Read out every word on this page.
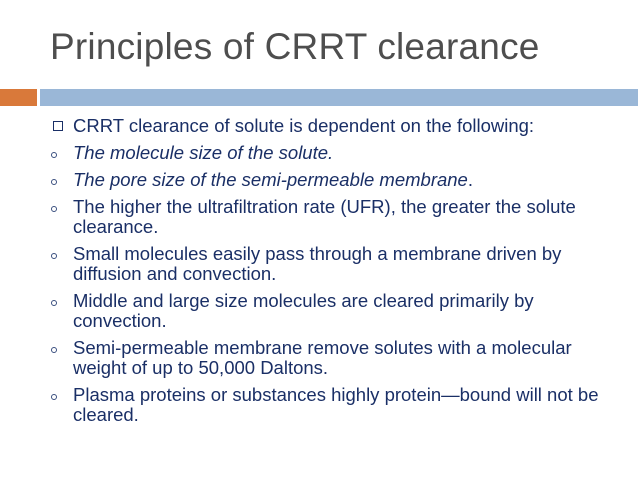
Principles of CRRT clearance
CRRT clearance of solute is dependent on the following:
The molecule size of the solute.
The pore size of the semi-permeable membrane.
The higher the ultrafiltration rate (UFR), the greater the solute clearance.
Small molecules easily pass through a membrane driven by diffusion and convection.
Middle and large size molecules are cleared primarily by convection.
Semi-permeable membrane remove solutes with a molecular weight of up to 50,000 Daltons.
Plasma proteins or substances highly protein—bound will not be cleared.
